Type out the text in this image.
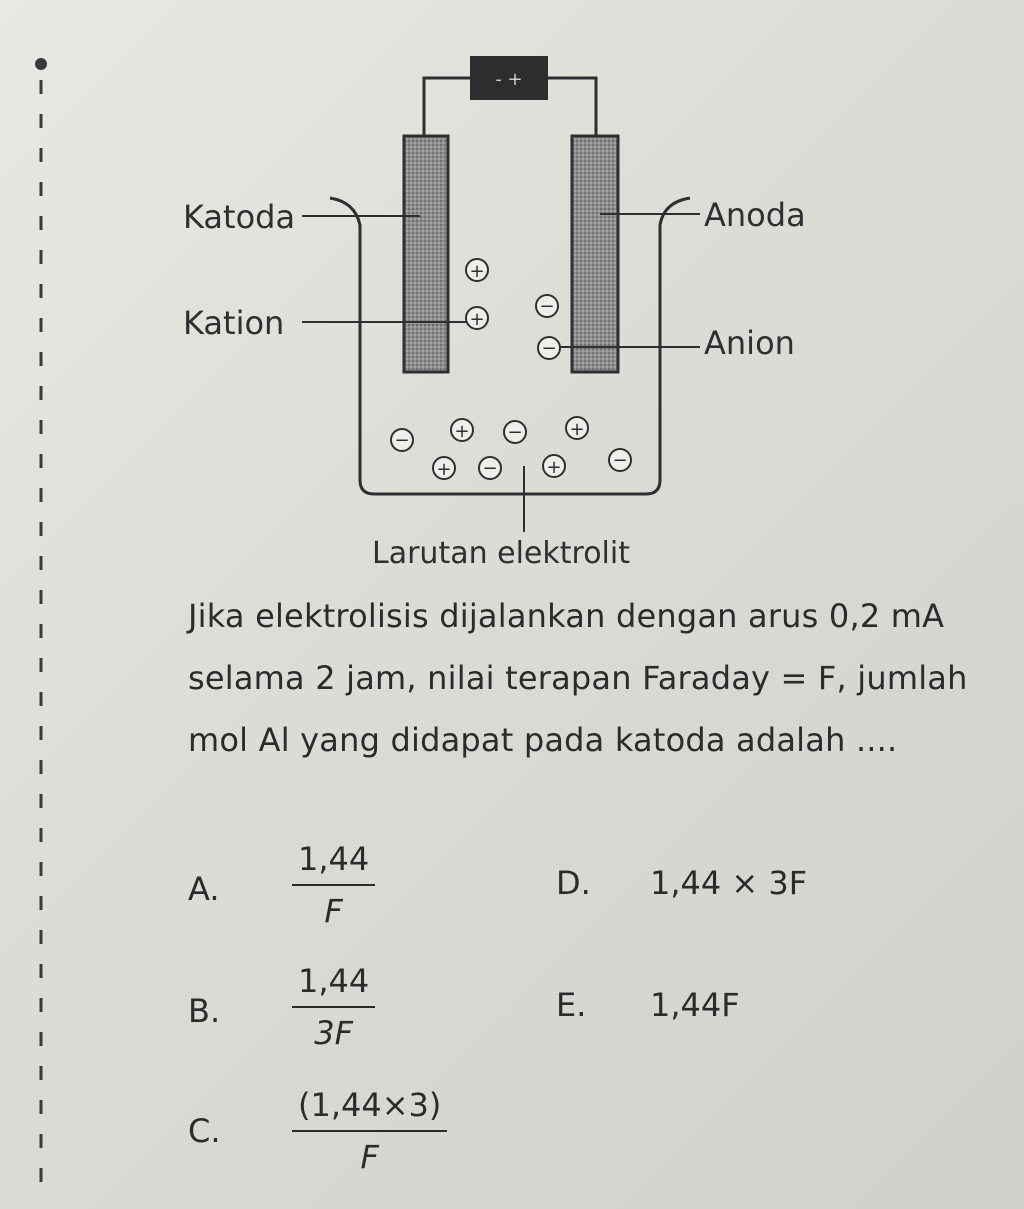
- +
Katoda
Kation
Anoda
Anion
Larutan elektrolit
+
+
+	+
+	+
−
−
−	−
−	−
Jika elektrolisis dijalankan dengan arus 0,2 mA selama 2 jam, nilai terapan Faraday = F, jumlah mol Al yang didapat pada katoda adalah ....
A. $\frac{1,44}{F}$
B. $\frac{1,44}{3F}$
C. $\frac{(1,44\times 3)}{F}$
D. 1,44 × 3F
E. 1,44F
